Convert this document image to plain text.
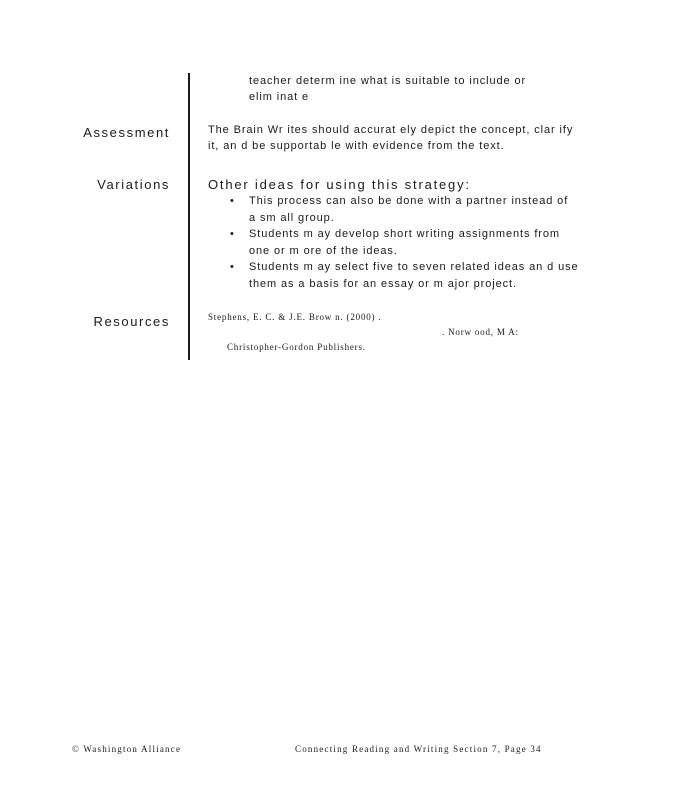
teacher determ ine what is suitable to include or
elim inat e
Assessment	The Brain Wr ites should accurat ely depict the concept, clar ify
it, an d be supportab le with evidence from the text.
Variations	Other ideas for using this strategy:
• This process can also be done with a partner instead of
a sm all group.
• Students m ay develop short writing assignments from
one or m ore of the ideas.
• Students m ay select five to seven related ideas an d use
them as a basis for an essay or m ajor project.
Resources	Stephens, E. C. & J.E. Brow n. (2000) .
. Norw ood, M A:
Christopher-Gordon Publishers.
© Washington Alliance	Connecting Reading and Writing Section 7, Page 34
